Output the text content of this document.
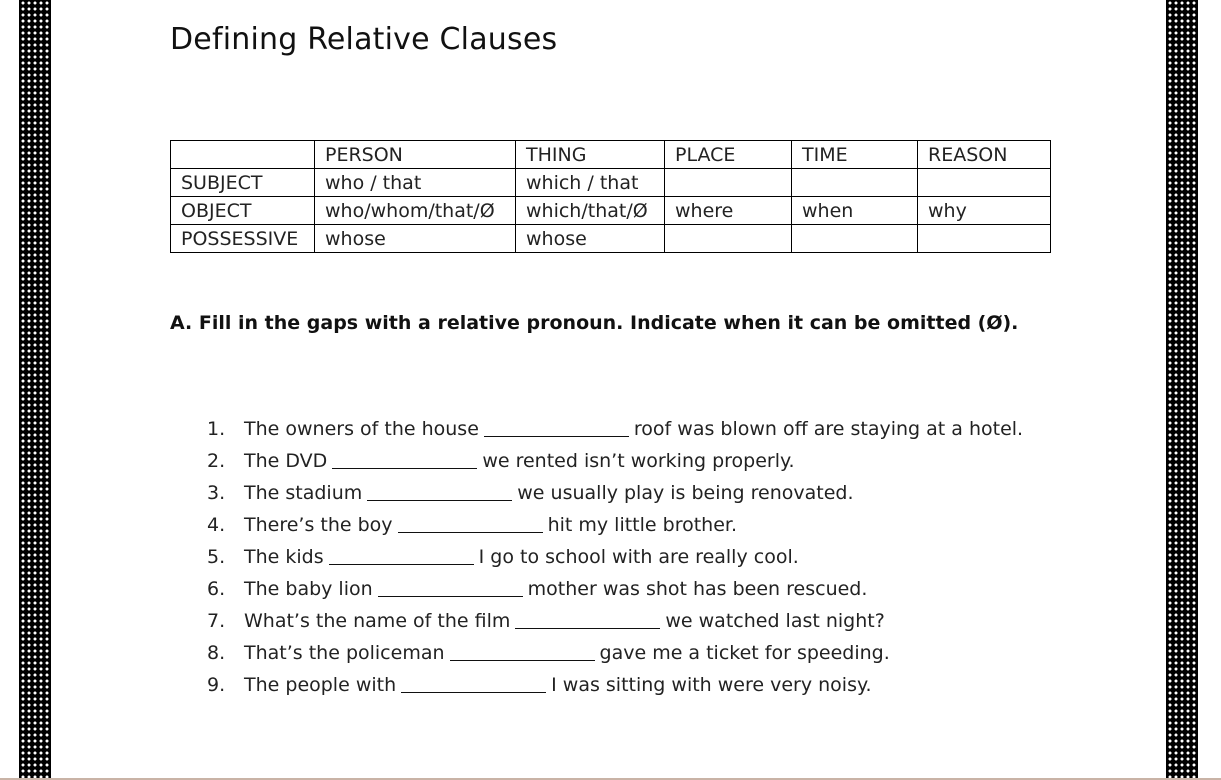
Defining Relative Clauses
	PERSON	THING	PLACE	TIME	REASON
SUBJECT	who / that	which / that			
OBJECT	who/whom/that/Ø	which/that/Ø	where	when	why
POSSESSIVE	whose	whose			
A. Fill in the gaps with a relative pronoun. Indicate when it can be omitted (Ø).
1. The owners of the house	roof was blown off are staying at a hotel.
2. The DVD	we rented isn’t working properly.
3. The stadium	we usually play is being renovated.
4. There’s the boy	hit my little brother.
5. The kids	I go to school with are really cool.
6. The baby lion	mother was shot has been rescued.
7. What’s the name of the film	we watched last night?
8. That’s the policeman	gave me a ticket for speeding.
9. The people with	I was sitting with were very noisy.
